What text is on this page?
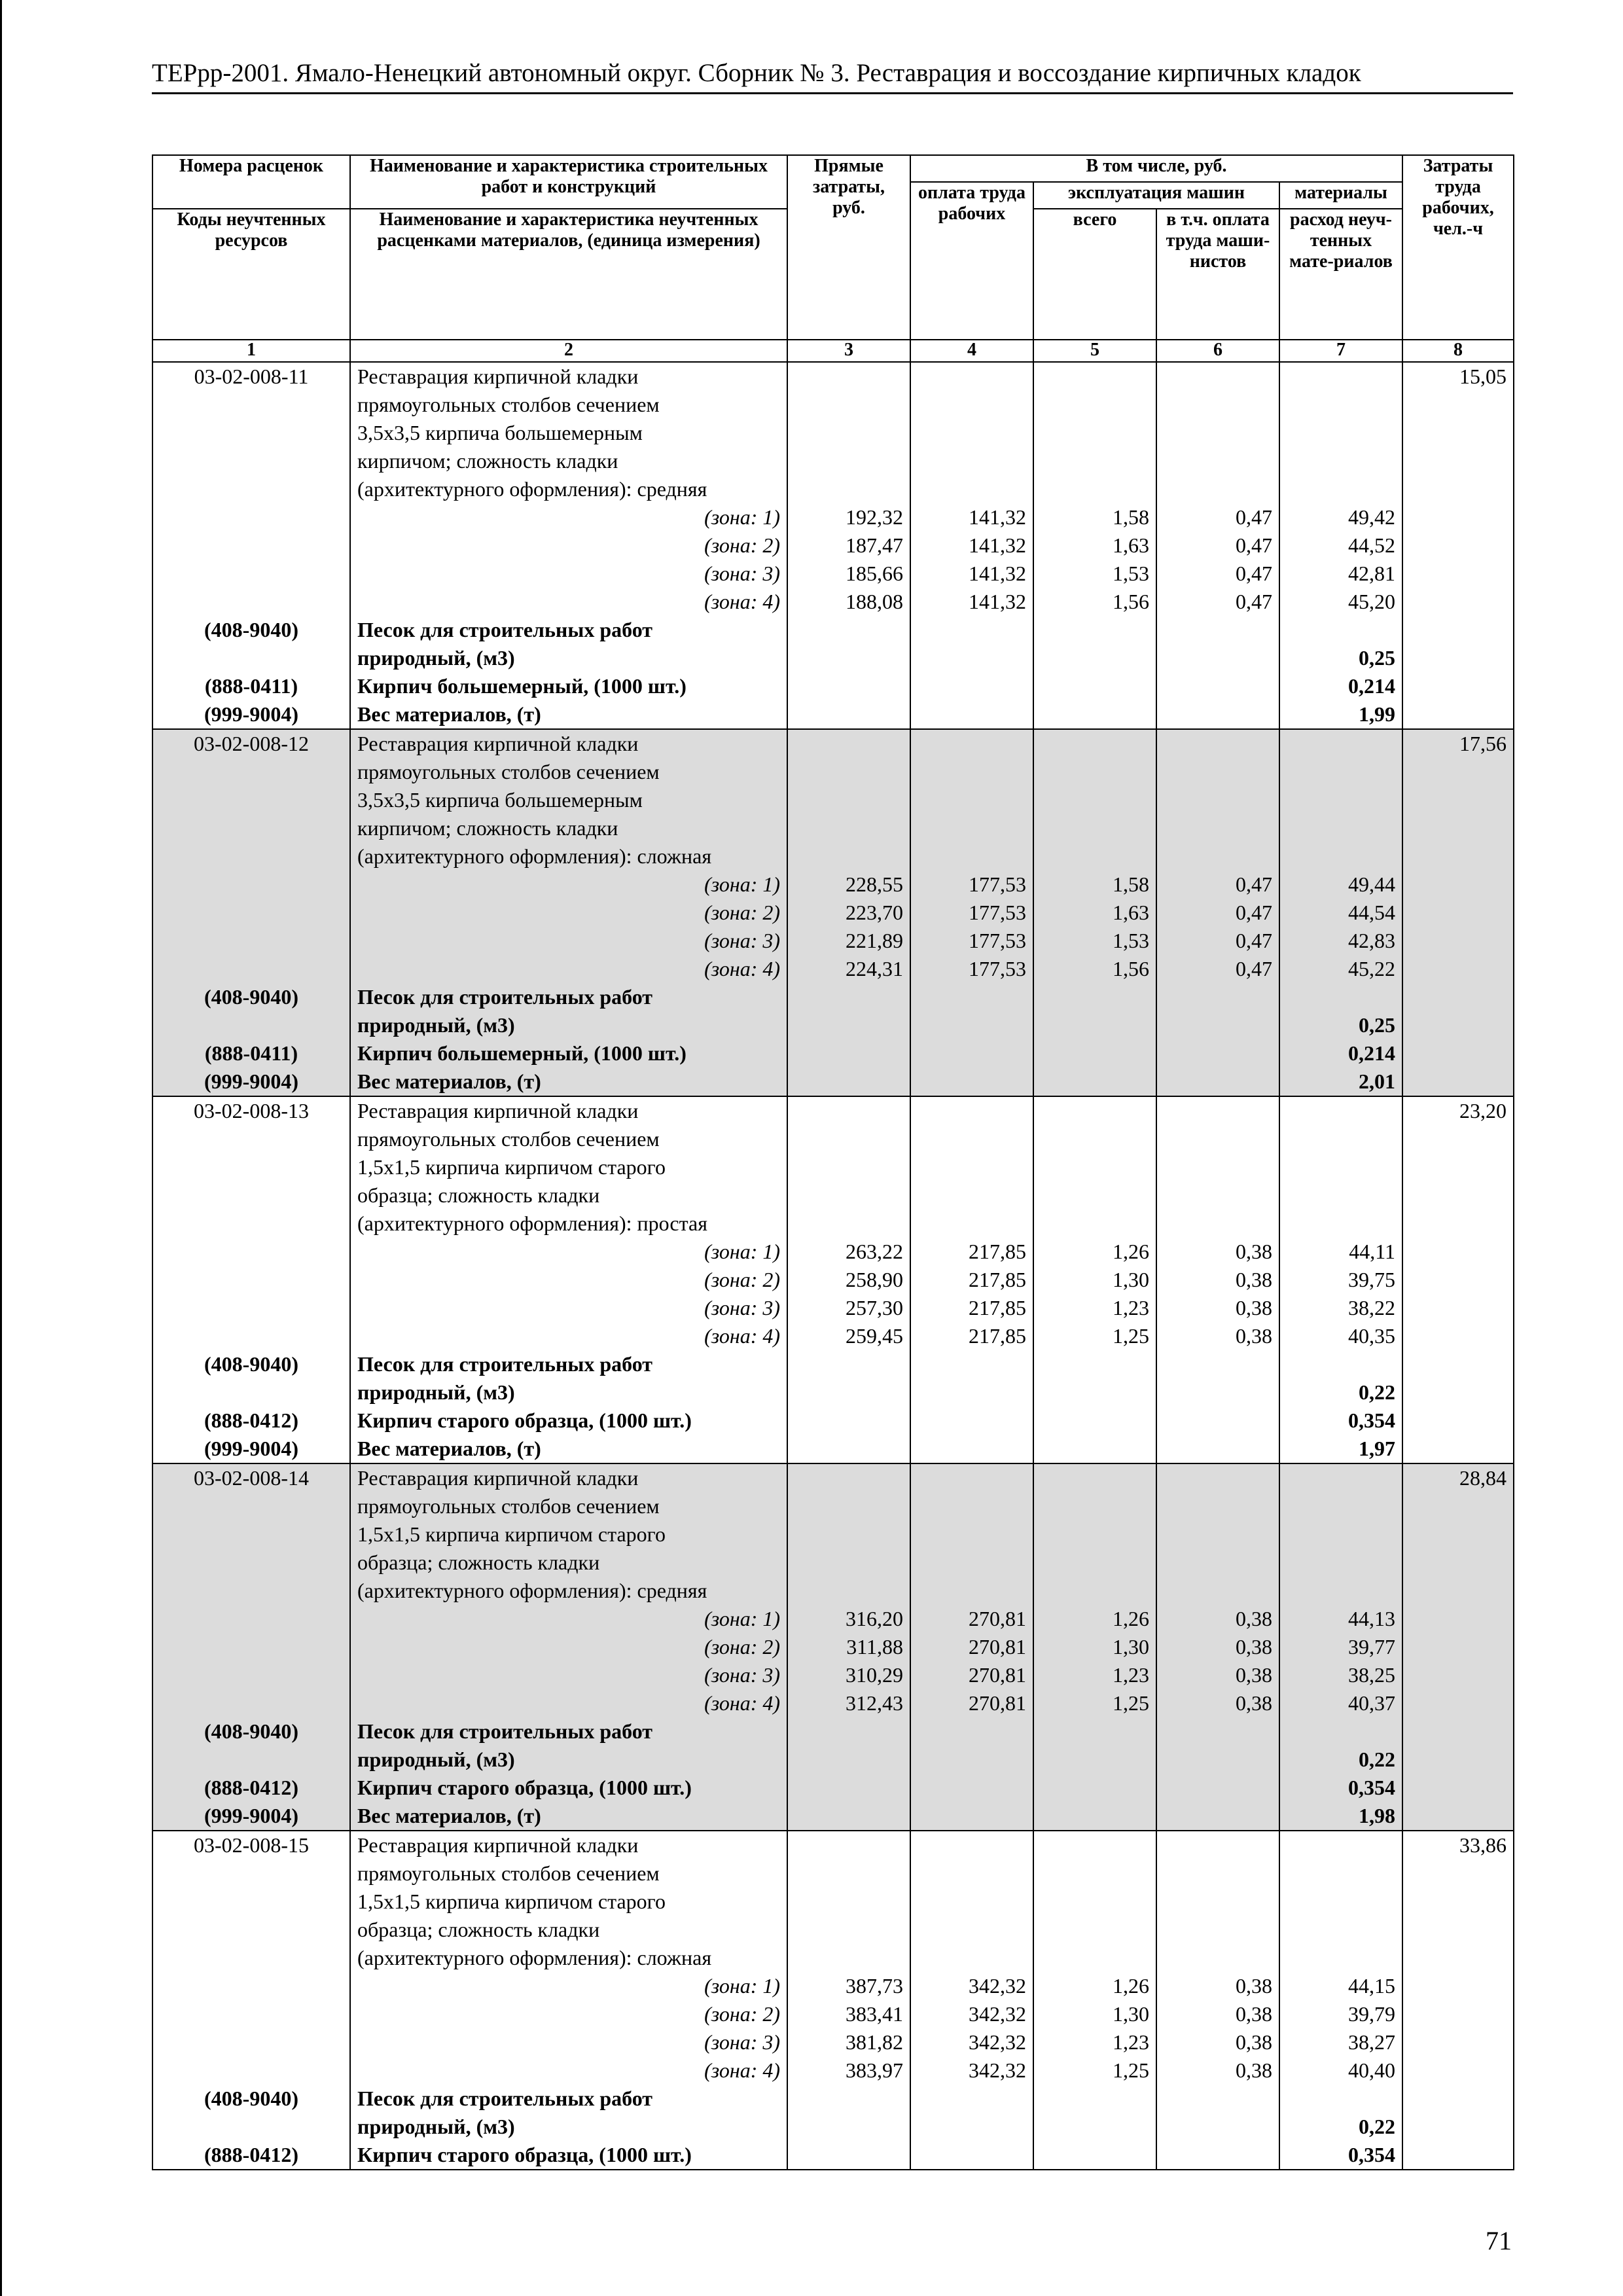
ТЕРрр-2001. Ямало-Ненецкий автономный округ. Сборник № 3. Реставрация и воссоздание кирпичных кладок
Номера расценок	Наименование и характеристика строительных работ и конструкций	Прямые затраты, руб.	В том числе, руб.				Затраты труда рабочих, чел.-ч
			оплата труда рабочих	эксплуатация машин		материалы	
Коды неучтенных ресурсов	Наименование и характеристика неучтенных расценками материалов, (единица измерения)			всего	в т.ч. оплата труда маши-нистов	расход неуч-тенных мате-риалов	
1	2	3	4	5	6	7	8
03-02-008-11	Реставрация кирпичной кладки						15,05
	прямоугольных столбов сечением						
	3,5x3,5 кирпича большемерным						
	кирпичом; сложность кладки						
	(архитектурного оформления): средняя						
	(зона: 1)	192,32	141,32	1,58	0,47	49,42	
	(зона: 2)	187,47	141,32	1,63	0,47	44,52	
	(зона: 3)	185,66	141,32	1,53	0,47	42,81	
	(зона: 4)	188,08	141,32	1,56	0,47	45,20	
(408-9040)	Песок для строительных работ						
	природный, (м3)					0,25	
(888-0411)	Кирпич большемерный, (1000 шт.)					0,214	
(999-9004)	Вес материалов, (т)					1,99	
03-02-008-12	Реставрация кирпичной кладки						17,56
	прямоугольных столбов сечением						
	3,5x3,5 кирпича большемерным						
	кирпичом; сложность кладки						
	(архитектурного оформления): сложная						
	(зона: 1)	228,55	177,53	1,58	0,47	49,44	
	(зона: 2)	223,70	177,53	1,63	0,47	44,54	
	(зона: 3)	221,89	177,53	1,53	0,47	42,83	
	(зона: 4)	224,31	177,53	1,56	0,47	45,22	
(408-9040)	Песок для строительных работ						
	природный, (м3)					0,25	
(888-0411)	Кирпич большемерный, (1000 шт.)					0,214	
(999-9004)	Вес материалов, (т)					2,01	
03-02-008-13	Реставрация кирпичной кладки						23,20
	прямоугольных столбов сечением						
	1,5x1,5 кирпича кирпичом старого						
	образца; сложность кладки						
	(архитектурного оформления): простая						
	(зона: 1)	263,22	217,85	1,26	0,38	44,11	
	(зона: 2)	258,90	217,85	1,30	0,38	39,75	
	(зона: 3)	257,30	217,85	1,23	0,38	38,22	
	(зона: 4)	259,45	217,85	1,25	0,38	40,35	
(408-9040)	Песок для строительных работ						
	природный, (м3)					0,22	
(888-0412)	Кирпич старого образца, (1000 шт.)					0,354	
(999-9004)	Вес материалов, (т)					1,97	
03-02-008-14	Реставрация кирпичной кладки						28,84
	прямоугольных столбов сечением						
	1,5x1,5 кирпича кирпичом старого						
	образца; сложность кладки						
	(архитектурного оформления): средняя						
	(зона: 1)	316,20	270,81	1,26	0,38	44,13	
	(зона: 2)	311,88	270,81	1,30	0,38	39,77	
	(зона: 3)	310,29	270,81	1,23	0,38	38,25	
	(зона: 4)	312,43	270,81	1,25	0,38	40,37	
(408-9040)	Песок для строительных работ						
	природный, (м3)					0,22	
(888-0412)	Кирпич старого образца, (1000 шт.)					0,354	
(999-9004)	Вес материалов, (т)					1,98	
03-02-008-15	Реставрация кирпичной кладки						33,86
	прямоугольных столбов сечением						
	1,5x1,5 кирпича кирпичом старого						
	образца; сложность кладки						
	(архитектурного оформления): сложная						
	(зона: 1)	387,73	342,32	1,26	0,38	44,15	
	(зона: 2)	383,41	342,32	1,30	0,38	39,79	
	(зона: 3)	381,82	342,32	1,23	0,38	38,27	
	(зона: 4)	383,97	342,32	1,25	0,38	40,40	
(408-9040)	Песок для строительных работ						
	природный, (м3)					0,22	
(888-0412)	Кирпич старого образца, (1000 шт.)					0,354	
71
